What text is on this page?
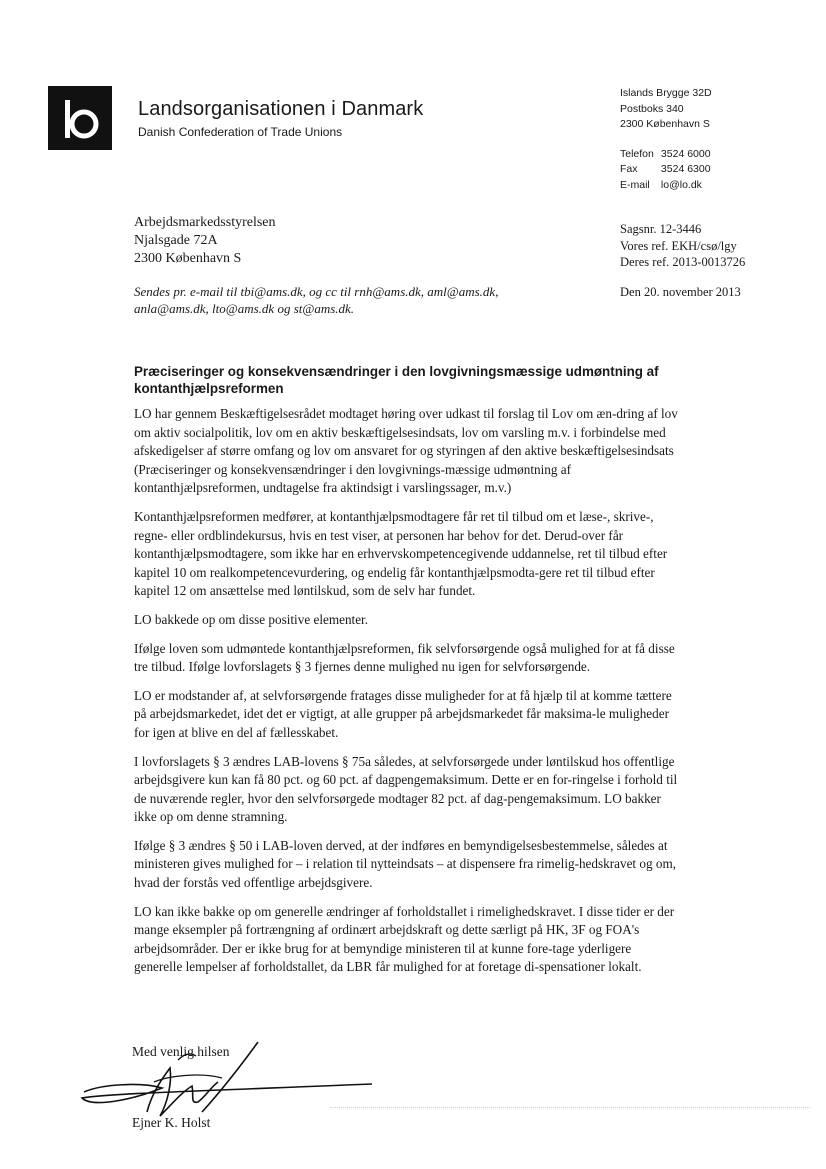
Landsorganisationen i Danmark
Danish Confederation of Trade Unions
Islands Brygge 32D
Postboks 340
2300 København S
Telefon 3524 6000
Fax 3524 6300
E-mail lo@lo.dk
Arbejdsmarkedsstyrelsen
Njalsgade 72A
2300 København S
Sagsnr. 12-3446
Vores ref. EKH/csø/lgy
Deres ref. 2013-0013726
Sendes pr. e-mail til tbi@ams.dk, og cc til rnh@ams.dk, aml@ams.dk, anla@ams.dk, lto@ams.dk og st@ams.dk.
Den 20. november 2013
Præciseringer og konsekvensændringer i den lovgivningsmæssige udmøntning af kontanthjælpsreformen

LO har gennem Beskæftigelsesrådet modtaget høring over udkast til forslag til Lov om æn-dring af lov om aktiv socialpolitik, lov om en aktiv beskæftigelsesindsats, lov om varsling m.v. i forbindelse med afskedigelser af større omfang og lov om ansvaret for og styringen af den aktive beskæftigelsesindsats (Præciseringer og konsekvensændringer i den lovgivnings-mæssige udmøntning af kontanthjælpsreformen, undtagelse fra aktindsigt i varslingssager, m.v.)

Kontanthjælpsreformen medfører, at kontanthjælpsmodtagere får ret til tilbud om et læse-, skrive-, regne- eller ordblindekursus, hvis en test viser, at personen har behov for det. Derud-over får kontanthjælpsmodtagere, som ikke har en erhvervskompetencegivende uddannelse, ret til tilbud efter kapitel 10 om realkompetencevurdering, og endelig får kontanthjælpsmodta-gere ret til tilbud efter kapitel 12 om ansættelse med løntilskud, som de selv har fundet.

LO bakkede op om disse positive elementer.

Ifølge loven som udmøntede kontanthjælpsreformen, fik selvforsørgende også mulighed for at få disse tre tilbud. Ifølge lovforslagets § 3 fjernes denne mulighed nu igen for selvforsørgende.

LO er modstander af, at selvforsørgende fratages disse muligheder for at få hjælp til at komme tættere på arbejdsmarkedet, idet det er vigtigt, at alle grupper på arbejdsmarkedet får maksima-le muligheder for igen at blive en del af fællesskabet.

I lovforslagets § 3 ændres LAB-lovens § 75a således, at selvforsørgede under løntilskud hos offentlige arbejdsgivere kun kan få 80 pct. og 60 pct. af dagpengemaksimum. Dette er en for-ringelse i forhold til de nuværende regler, hvor den selvforsørgede modtager 82 pct. af dag-pengemaksimum. LO bakker ikke op om denne stramning.

Ifølge § 3 ændres § 50 i LAB-loven derved, at der indføres en bemyndigelsesbestemmelse, således at ministeren gives mulighed for – i relation til nytteindsats – at dispensere fra rimelig-hedskravet og om, hvad der forstås ved offentlige arbejdsgivere.

LO kan ikke bakke op om generelle ændringer af forholdstallet i rimelighedskravet. I disse tider er der mange eksempler på fortrængning af ordinært arbejdskraft og dette særligt på HK, 3F og FOA's arbejdsområder. Der er ikke brug for at bemyndige ministeren til at kunne fore-tage yderligere generelle lempelser af forholdstallet, da LBR får mulighed for at foretage di-spensationer lokalt.

Med venlig hilsen
Ejner K. Holst
